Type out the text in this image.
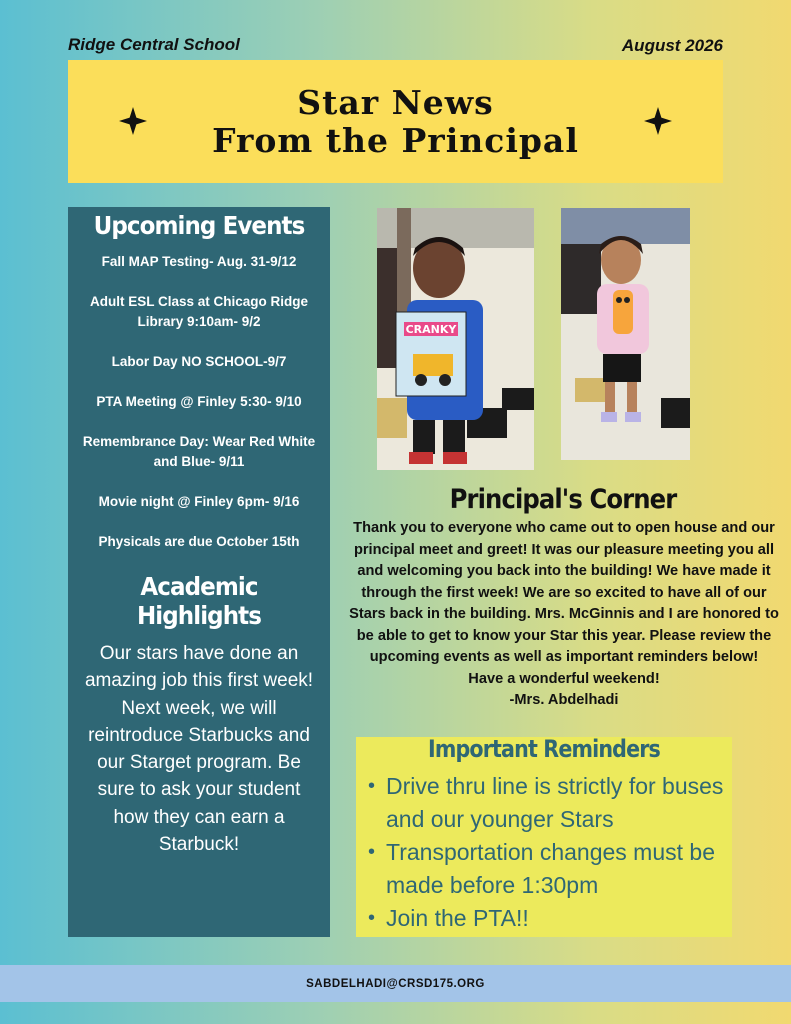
Ridge Central School	August 2026
Star News
From the Principal
Upcoming Events
Fall MAP Testing- Aug. 31-9/12
Adult ESL Class at Chicago Ridge Library 9:10am- 9/2
Labor Day NO SCHOOL-9/7
PTA Meeting @ Finley 5:30- 9/10
Remembrance Day: Wear Red White and Blue- 9/11
Movie night @ Finley 6pm- 9/16
Physicals are due October 15th
Academic Highlights

Our stars have done an amazing job this first week! Next week, we will reintroduce Starbucks and our Starget program. Be sure to ask your student how they can earn a Starbuck!

CRANKY
Principal's Corner

Thank you to everyone who came out to open house and our principal meet and greet! It was our pleasure meeting you all and welcoming you back into the building! We have made it through the first week! We are so excited to have all of our Stars back in the building. Mrs. McGinnis and I are honored to be able to get to know your Star this year. Please review the upcoming events as well as important reminders below!

Have a wonderful weekend!

-Mrs. Abdelhadi

Important Reminders
• Drive thru line is strictly for buses and our younger Stars
• Transportation changes must be made before 1:30pm
• Join the PTA!!
SABDELHADI@CRSD175.ORG
